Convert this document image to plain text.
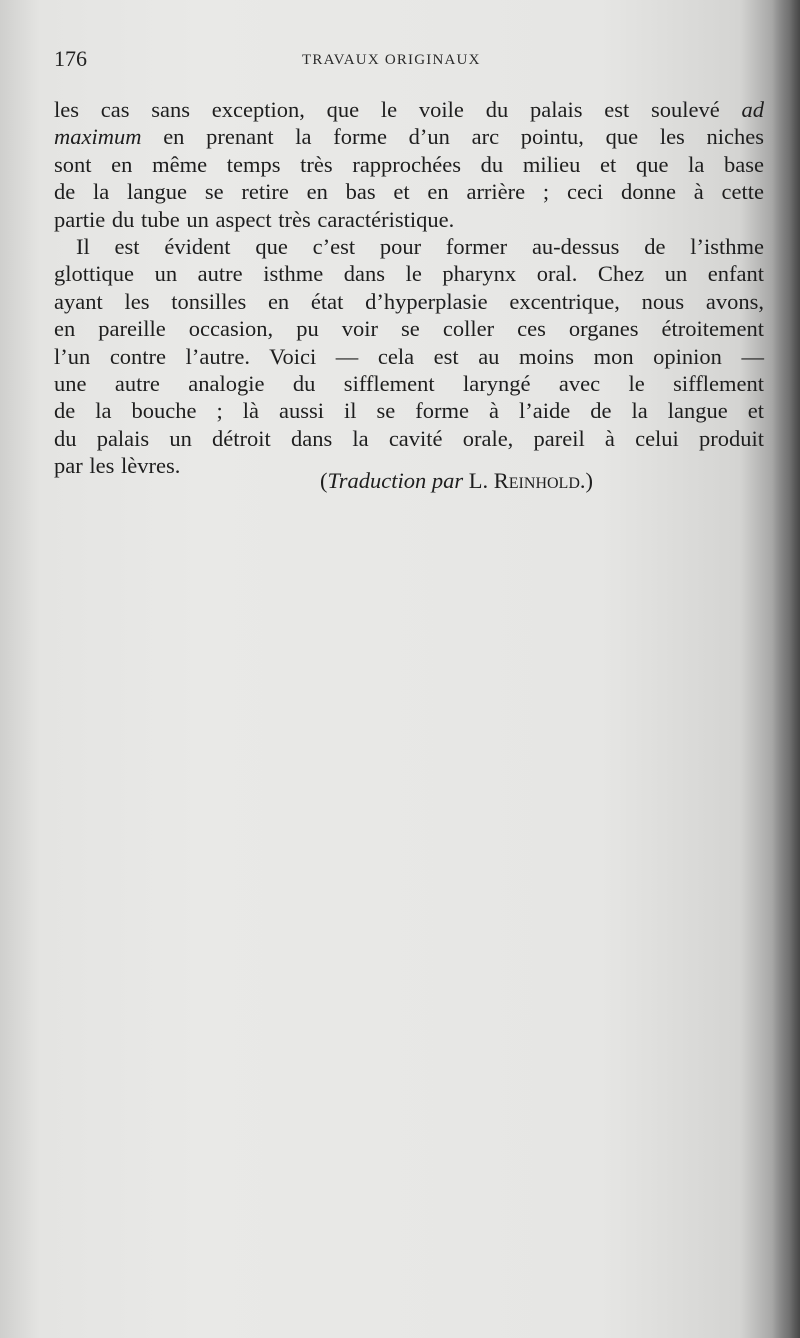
176	TRAVAUX ORIGINAUX
les cas sans exception, que le voile du palais est soulevé ad
maximum en prenant la forme d’un arc pointu, que les niches
sont en même temps très rapprochées du milieu et que la base
de la langue se retire en bas et en arrière ; ceci donne à cette
partie du tube un aspect très caractéristique.
Il est évident que c’est pour former au-dessus de l’isthme
glottique un autre isthme dans le pharynx oral. Chez un enfant
ayant les tonsilles en état d’hyperplasie excentrique, nous avons,
en pareille occasion, pu voir se coller ces organes étroitement
l’un contre l’autre. Voici — cela est au moins mon opinion —
une autre analogie du sifflement laryngé avec le sifflement
de la bouche ; là aussi il se forme à l’aide de la langue et
du palais un détroit dans la cavité orale, pareil à celui produit
par les lèvres.
(Traduction par L. Reinhold.)
